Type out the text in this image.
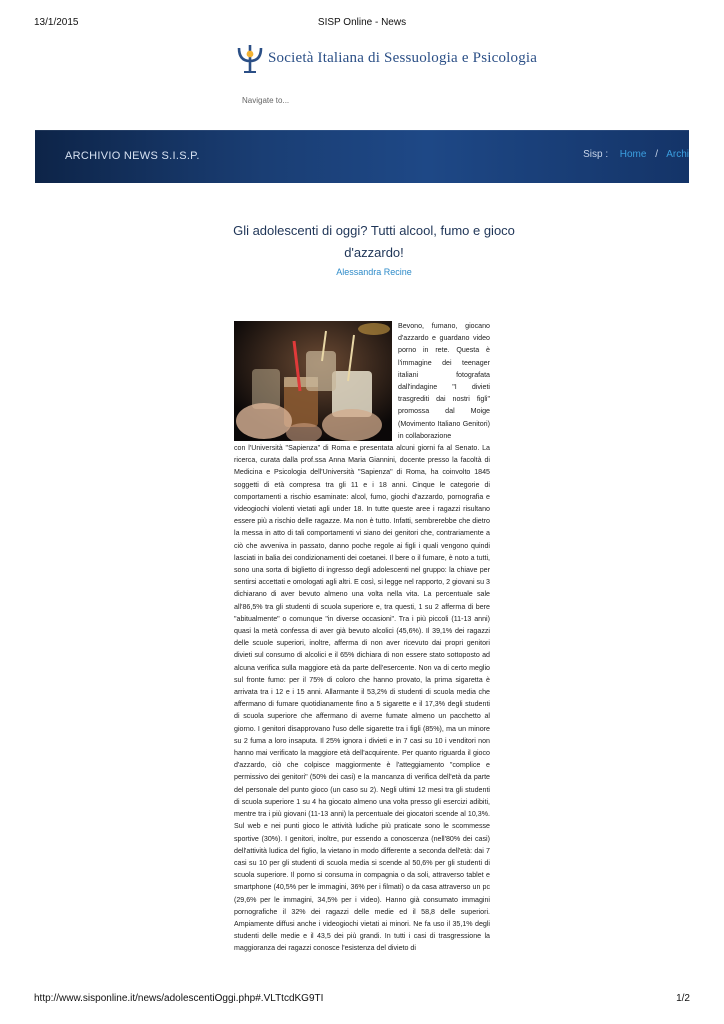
13/1/2015	SISP Online - News
Società Italiana di Sessuologia e Psicologia
Navigate to...
ARCHIVIO NEWS S.I.S.P.	Sisp : Home / Archi
Gli adolescenti di oggi? Tutti alcool, fumo e gioco d'azzardo!
Alessandra Recine

Bevono, fumano, giocano d'azzardo e guardano video porno in rete. Questa è l'immagine dei teenager italiani fotografata dall'indagine "I divieti trasgrediti dai nostri figli" promossa dal Moige (Movimento Italiano Genitori) in collaborazione

con l'Università "Sapienza" di Roma e presentata alcuni giorni fa al Senato. La ricerca, curata dalla prof.ssa Anna Maria Giannini, docente presso la facoltà di Medicina e Psicologia dell'Università "Sapienza" di Roma, ha coinvolto 1845 soggetti di età compresa tra gli 11 e i 18 anni. Cinque le categorie di comportamenti a rischio esaminate: alcol, fumo, giochi d'azzardo, pornografia e videogiochi violenti vietati agli under 18. In tutte queste aree i ragazzi risultano essere più a rischio delle ragazze. Ma non è tutto. Infatti, sembrerebbe che dietro la messa in atto di tali comportamenti vi siano dei genitori che, contrariamente a ciò che avveniva in passato, danno poche regole ai figli i quali vengono quindi lasciati in balia dei condizionamenti dei coetanei. Il bere o il fumare, è noto a tutti, sono una sorta di biglietto di ingresso degli adolescenti nel gruppo: la chiave per sentirsi accettati e omologati agli altri. E così, si legge nel rapporto, 2 giovani su 3 dichiarano di aver bevuto almeno una volta nella vita. La percentuale sale all'86,5% tra gli studenti di scuola superiore e, tra questi, 1 su 2 afferma di bere "abitualmente" o comunque "in diverse occasioni". Tra i più piccoli (11-13 anni) quasi la metà confessa di aver già bevuto alcolici (45,6%). Il 39,1% dei ragazzi delle scuole superiori, inoltre, afferma di non aver ricevuto dai propri genitori divieti sul consumo di alcolici e il 65% dichiara di non essere stato sottoposto ad alcuna verifica sulla maggiore età da parte dell'esercente. Non va di certo meglio sul fronte fumo: per il 75% di coloro che hanno provato, la prima sigaretta è arrivata tra i 12 e i 15 anni. Allarmante il 53,2% di studenti di scuola media che affermano di fumare quotidianamente fino a 5 sigarette e il 17,3% degli studenti di scuola superiore che affermano di averne fumate almeno un pacchetto al giorno. I genitori disapprovano l'uso delle sigarette tra i figli (85%), ma un minore su 2 fuma a loro insaputa. Il 25% ignora i divieti e in 7 casi su 10 i venditori non hanno mai verificato la maggiore età dell'acquirente. Per quanto riguarda il gioco d'azzardo, ciò che colpisce maggiormente è l'atteggiamento "complice e permissivo dei genitori" (50% dei casi) e la mancanza di verifica dell'età da parte del personale del punto gioco (un caso su 2). Negli ultimi 12 mesi tra gli studenti di scuola superiore 1 su 4 ha giocato almeno una volta presso gli esercizi adibiti, mentre tra i più giovani (11-13 anni) la percentuale dei giocatori scende al 10,3%. Sul web e nei punti gioco le attività ludiche più praticate sono le scommesse sportive (30%). I genitori, inoltre, pur essendo a conoscenza (nell'80% dei casi) dell'attività ludica del figlio, la vietano in modo differente a seconda dell'età: dai 7 casi su 10 per gli studenti di scuola media si scende al 50,6% per gli studenti di scuola superiore. Il porno si consuma in compagnia o da soli, attraverso tablet e smartphone (40,5% per le immagini, 36% per i filmati) o da casa attraverso un pc (29,6% per le immagini, 34,5% per i video). Hanno già consumato immagini pornografiche il 32% dei ragazzi delle medie ed il 58,8 delle superiori. Ampiamente diffusi anche i videogiochi vietati ai minori. Ne fa uso il 35,1% degli studenti delle medie e il 43,5 dei più grandi. In tutti i casi di trasgressione la maggioranza dei ragazzi conosce l'esistenza del divieto di

http://www.sisponline.it/news/adolescentiOggi.php#.VLTtcdKG9TI	1/2
